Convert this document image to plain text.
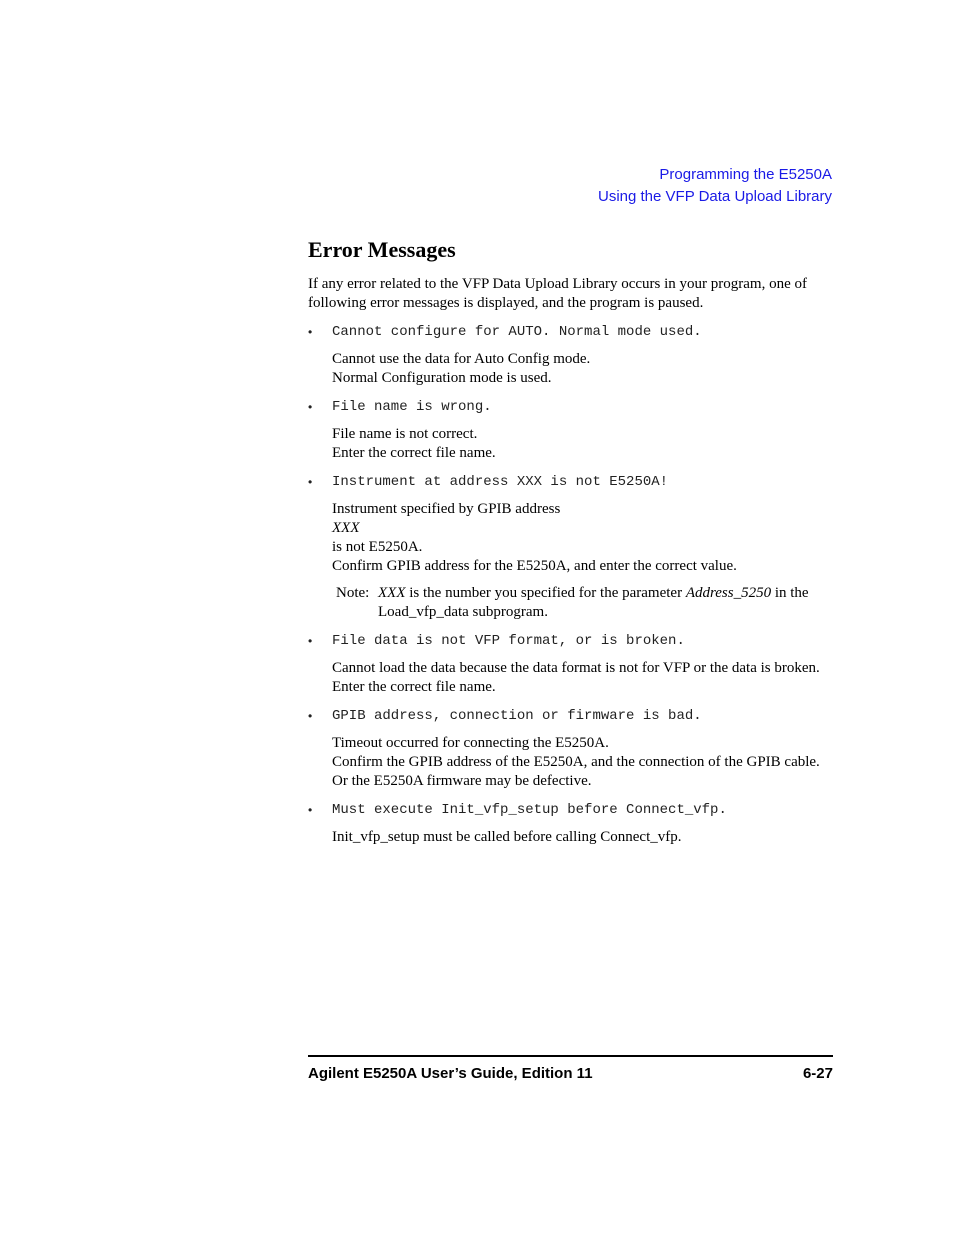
Programming the E5250A
Using the VFP Data Upload Library
Error Messages

If any error related to the VFP Data Upload Library occurs in your program, one of following error messages is displayed, and the program is paused.

• Cannot configure for AUTO. Normal mode used.
Cannot use the data for Auto Config mode.
Normal Configuration mode is used.
• File name is wrong.
File name is not correct.
Enter the correct file name.
• Instrument at address XXX is not E5250A!
Instrument specified by GPIB address
XXX
is not E5250A.
Confirm GPIB address for the E5250A, and enter the correct value.
Note: XXX is the number you specified for the parameter Address_5250 in the Load_vfp_data subprogram.
• File data is not VFP format, or is broken.
Cannot load the data because the data format is not for VFP or the data is broken. Enter the correct file name.
• GPIB address, connection or firmware is bad.
Timeout occurred for connecting the E5250A.
Confirm the GPIB address of the E5250A, and the connection of the GPIB cable. Or the E5250A firmware may be defective.
• Must execute Init_vfp_setup before Connect_vfp.
Init_vfp_setup must be called before calling Connect_vfp.
Agilent E5250A User’s Guide, Edition 11	6-27
